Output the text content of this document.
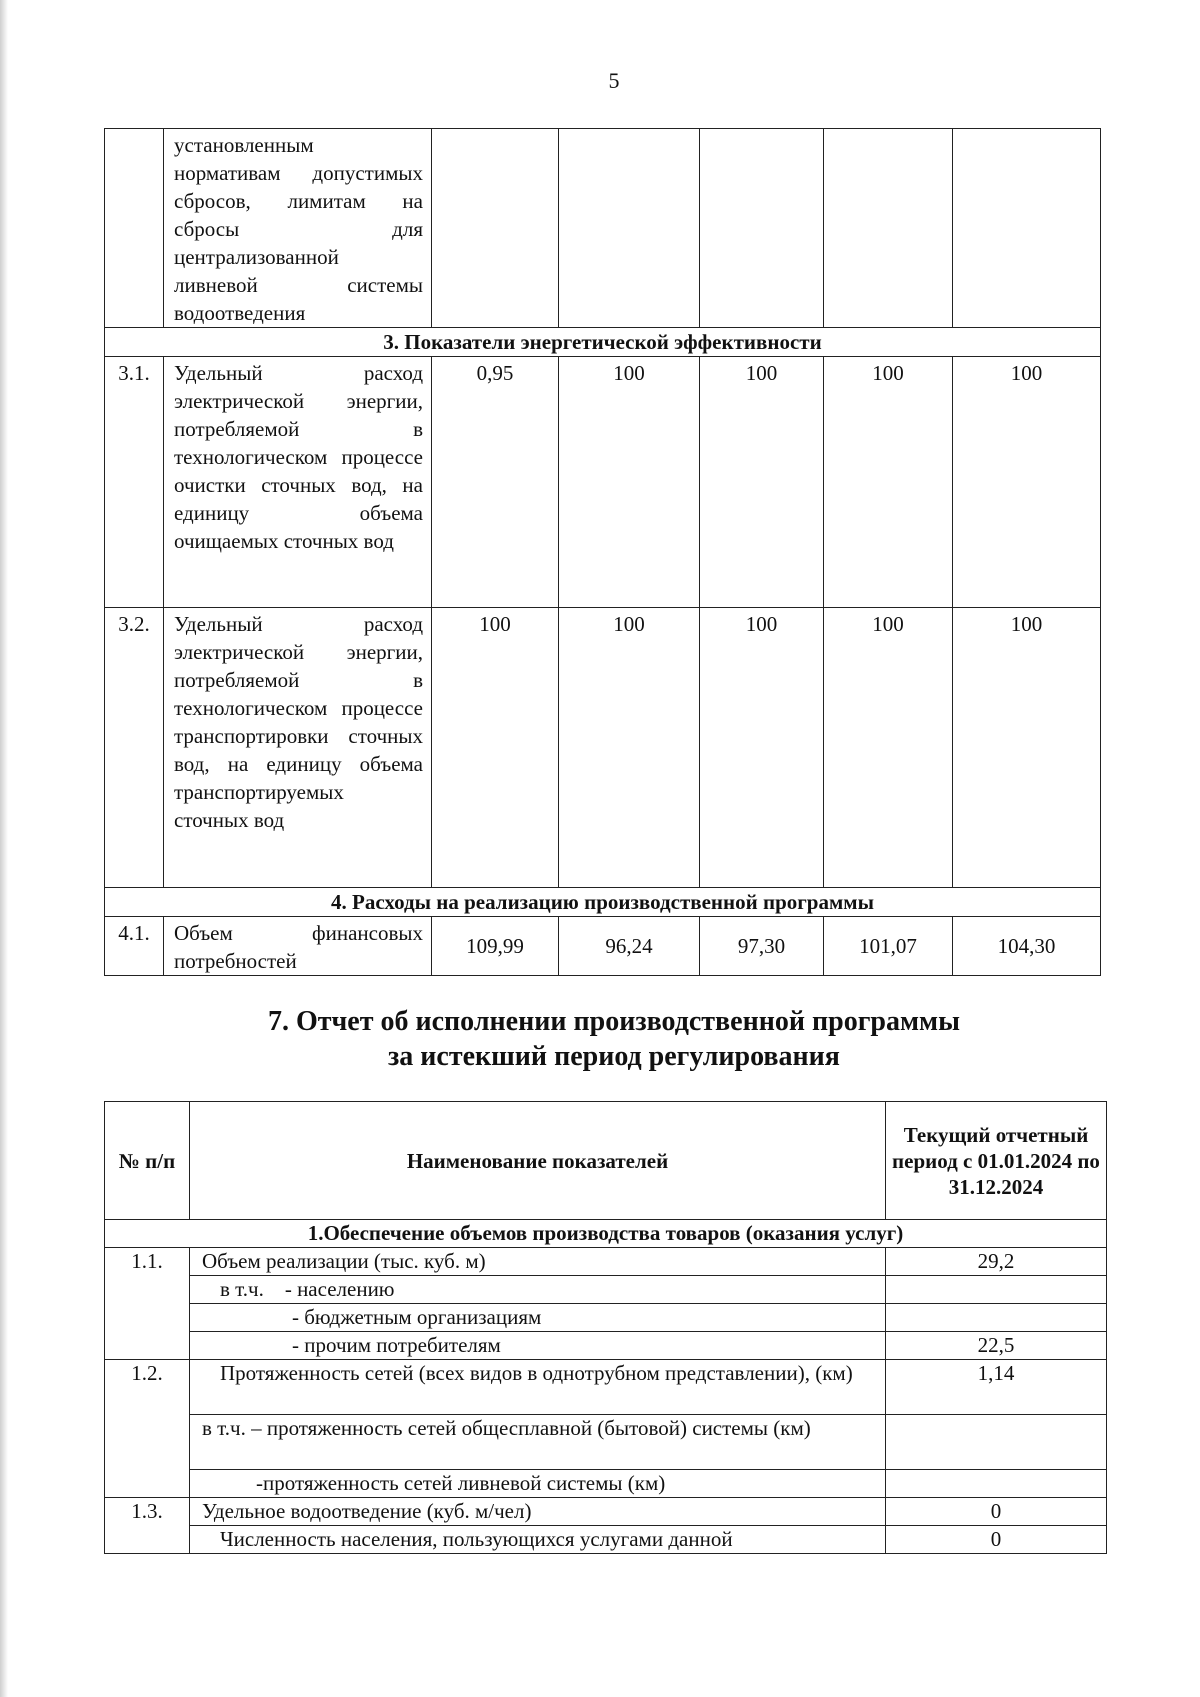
5
	установленным нормативам допустимых сбросов, лимитам на сбросы для централизованной ливневой системы водоотведения					
3. Показатели энергетической эффективности						
3.1.	Удельный расход электрической энергии, потребляемой в технологическом процессе очистки сточных вод, на единицу объема очищаемых сточных вод	0,95	100	100	100	100
3.2.	Удельный расход электрической энергии, потребляемой в технологическом процессе транспортировки сточных вод, на единицу объема транспортируемых сточных вод	100	100	100	100	100
4. Расходы на реализацию производственной программы						
4.1.	Объем финансовых потребностей	109,99	96,24	97,30	101,07	104,30
7. Отчет об исполнении производственной программы
за истекший период регулирования
№ п/п	Наименование показателей	Текущий отчетный период с 01.01.2024 по 31.12.2024
1.Обеспечение объемов производства товаров (оказания услуг)		
1.1.	Объем реализации (тыс. куб. м)	29,2
	в т.ч. - населению	
	- бюджетным организациям	
	- прочим потребителям	22,5
1.2.	Протяженность сетей (всех видов в однотрубном представлении), (км)	1,14
	в т.ч. – протяженность сетей общесплавной (бытовой) системы (км)	
	-протяженность сетей ливневой системы (км)	
1.3.	Удельное водоотведение (куб. м/чел)	0
	Численность населения, пользующихся услугами данной	0
